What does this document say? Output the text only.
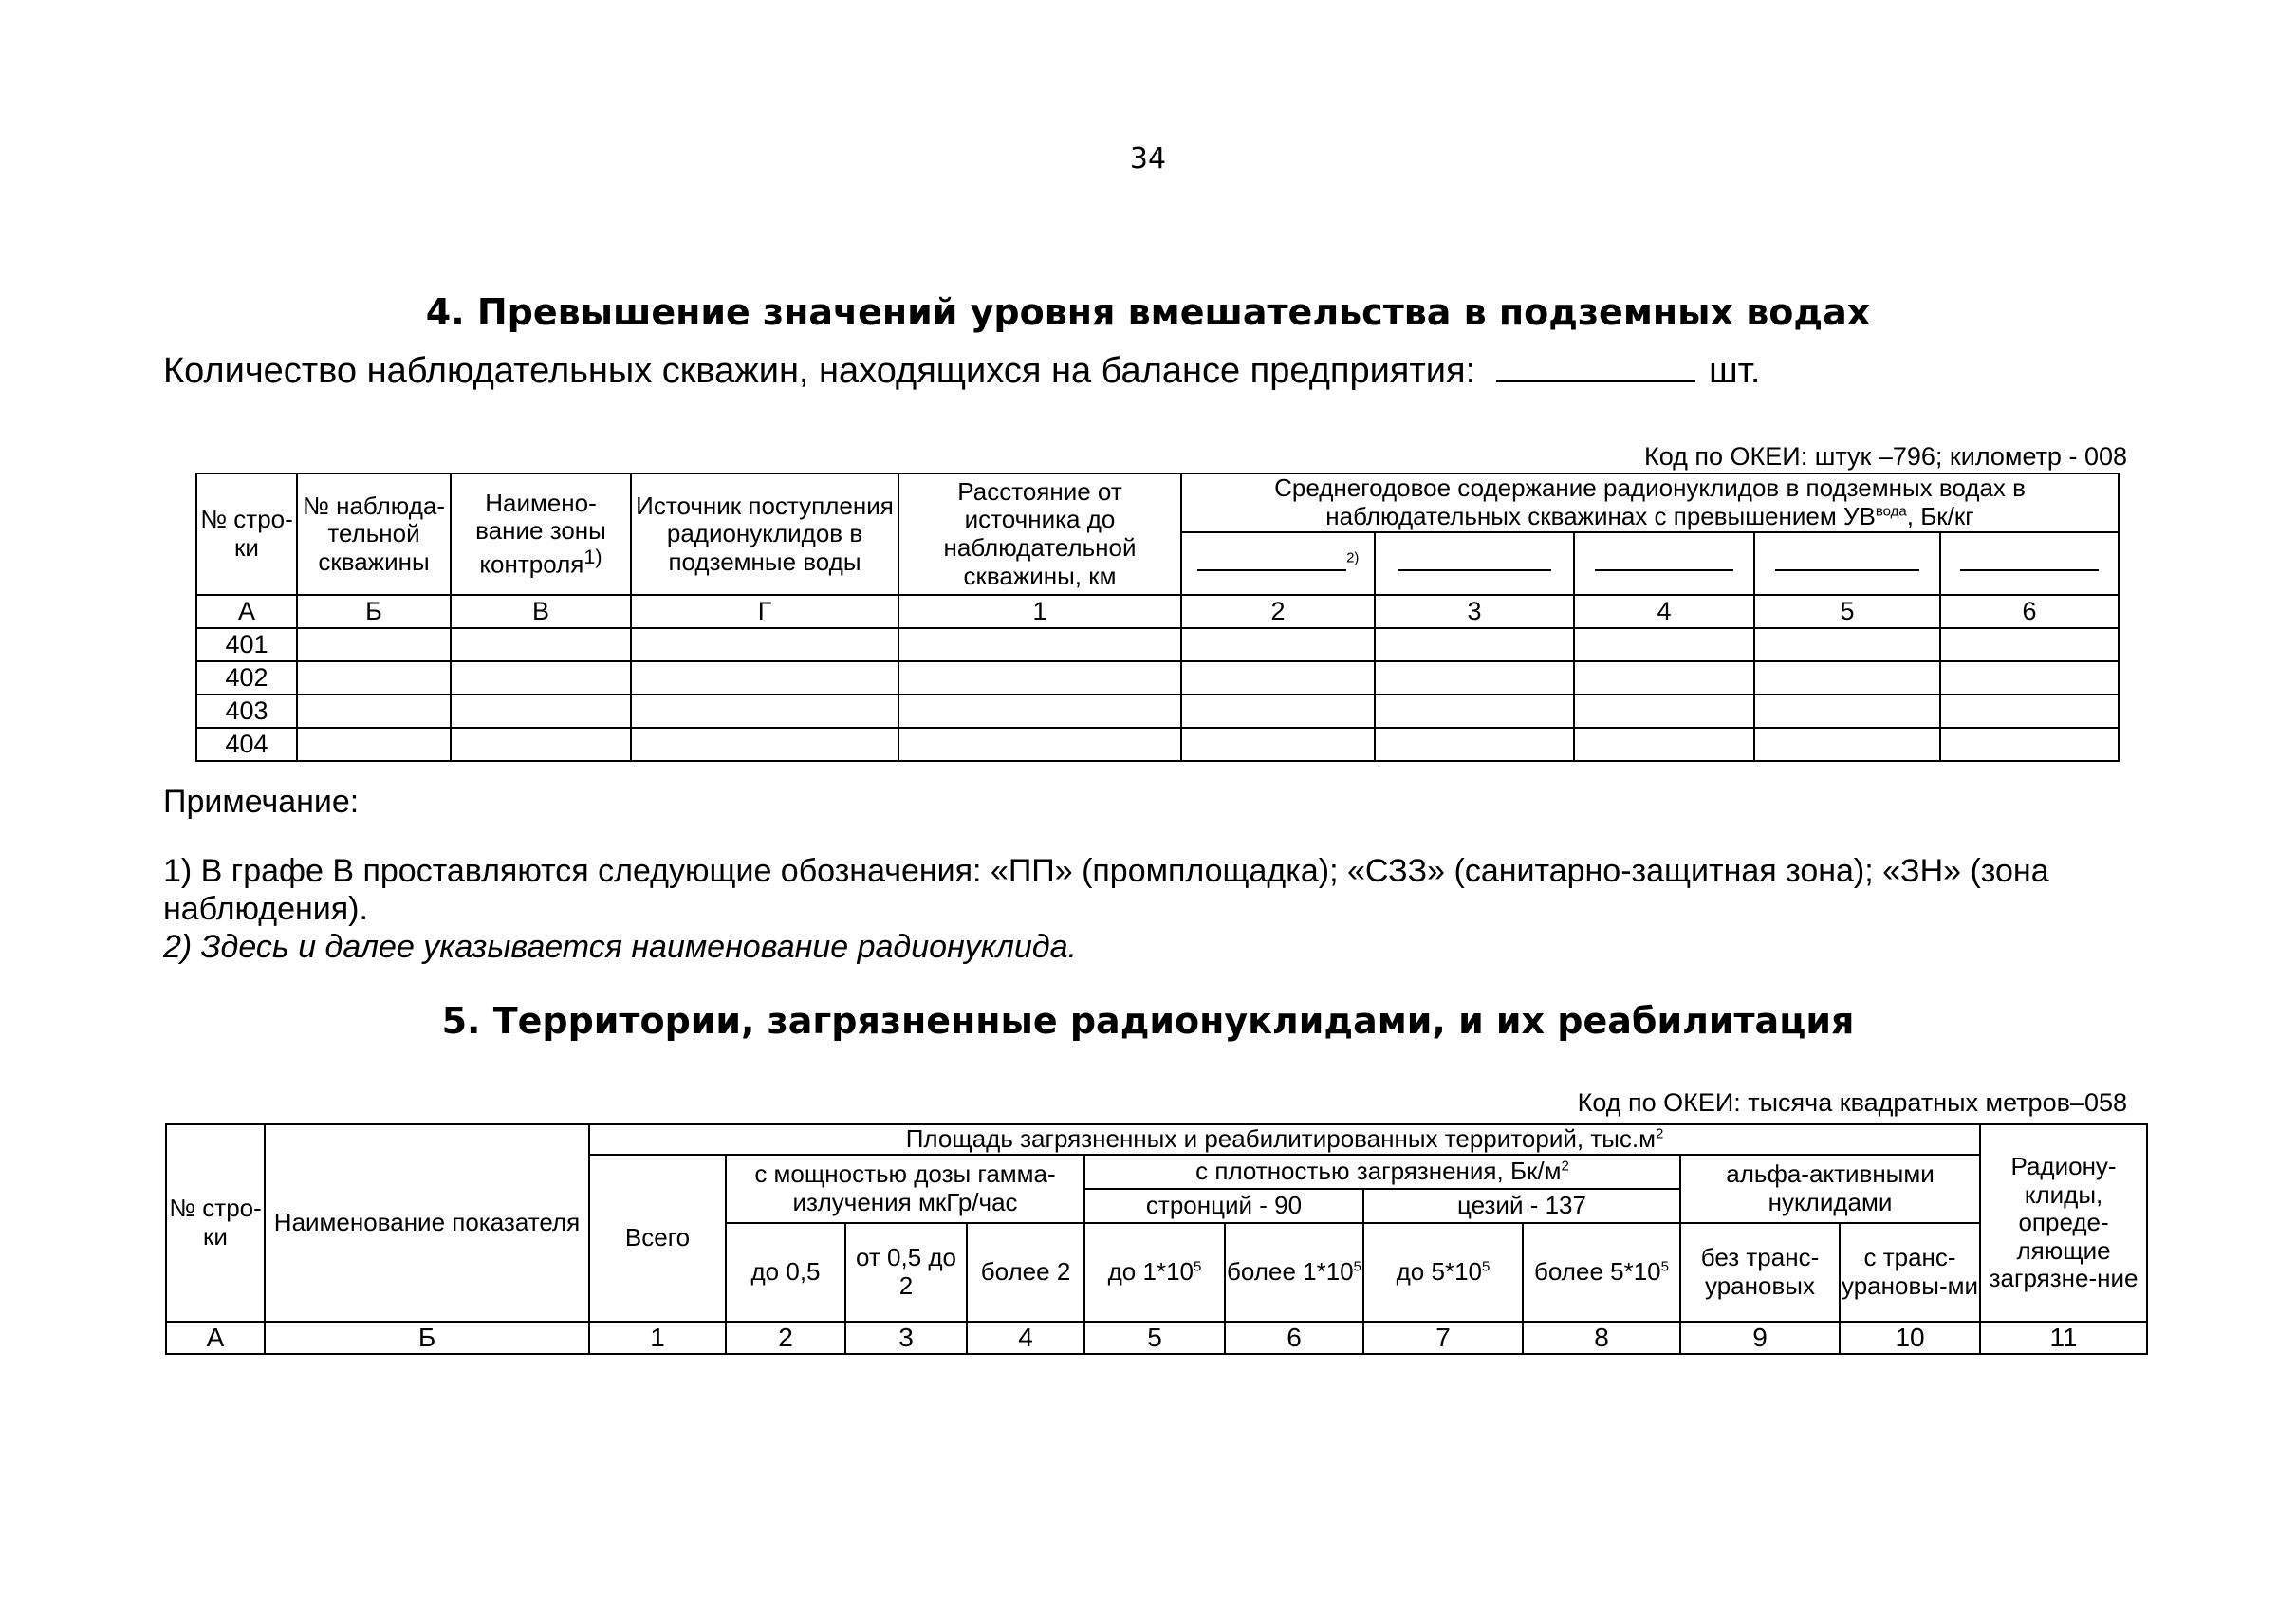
34
4. Превышение значений уровня вмешательства в подземных водах
Количество наблюдательных скважин, находящихся на балансе предприятия:	шт.
Код по ОКЕИ: штук –796; километр - 008
№ стро-ки	№ наблюда-тельной скважины	Наимено-вание зоны контроля$^{1)}$	Источник поступления радионуклидов в подземные воды	Расстояние от источника до наблюдательной скважины, км	Среднегодовое содержание радионуклидов в подземных водах в наблюдательных скважинах с превышением $УВ^{вода}$, Бк/кг				
					$^{2)}$				
А	Б	В	Г	1	2	3	4	5	6
401									
402									
403									
404									
Примечание:
1) В графе В проставляются следующие обозначения: «ПП» (промплощадка); «СЗЗ» (санитарно-защитная зона); «ЗН» (зона наблюдения).
2) Здесь и далее указывается наименование радионуклида.
5. Территории, загрязненные радионуклидами, и их реабилитация
Код по ОКЕИ: тысяча квадратных метров–058
№ стро-ки	Наименование показателя	Площадь загрязненных и реабилитированных территорий, $тыс.м^2$										Радиону-клиды, опреде-ляющие загрязне-ние
		Всего	с мощностью дозы гамма-излучения мкГр/час			с плотностью загрязнения, $Бк/м^2$				альфа-активными нуклидами		
						стронций - 90		цезий - 137				
			до 0,5	от 0,5 до 2	более 2	до $1*10^5$	более $1*10^5$	до $5*10^5$	более $5*10^5$	без транс-урановых	с транс-урановы-ми	
А	Б	1	2	3	4	5	6	7	8	9	10	11
